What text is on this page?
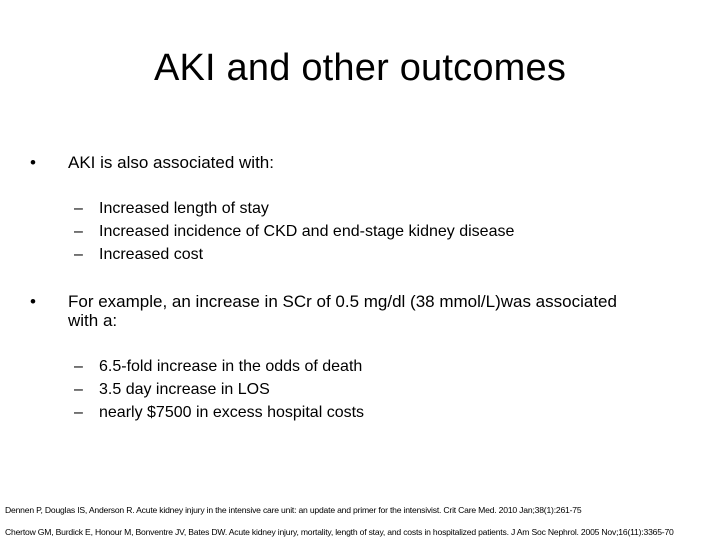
AKI and other outcomes
•	AKI is also associated with:
–	Increased length of stay
–	Increased incidence of CKD and end-stage kidney disease
–	Increased cost
•	For example, an increase in SCr of 0.5 mg/dl (38 mmol/L)was associated with a:
–	6.5-fold increase in the odds of death
–	3.5 day increase in LOS
–	nearly $7500 in excess hospital costs
Dennen P, Douglas IS, Anderson R. Acute kidney injury in the intensive care unit: an update and primer for the intensivist. Crit Care Med. 2010 Jan;38(1):261-75
Chertow GM, Burdick E, Honour M, Bonventre JV, Bates DW. Acute kidney injury, mortality, length of stay, and costs in hospitalized patients. J Am Soc Nephrol. 2005 Nov;16(11):3365-70
